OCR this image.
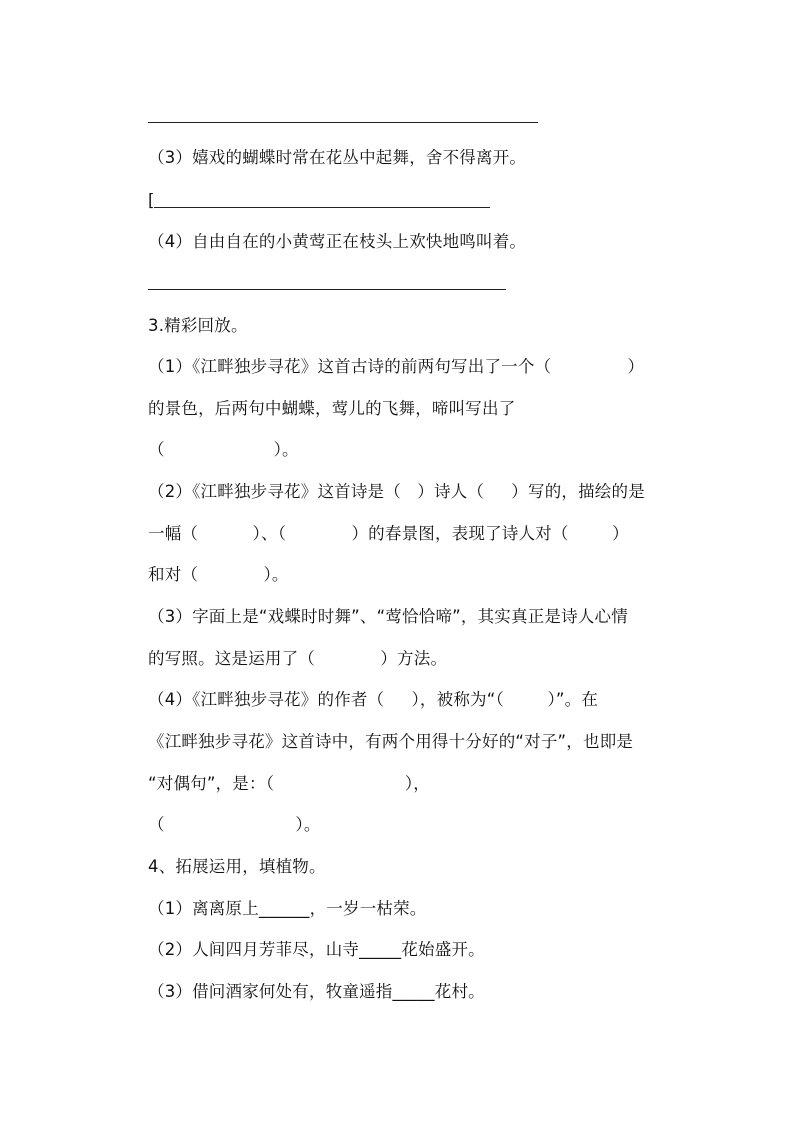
（3）嬉戏的蝴蝶时常在花丛中起舞，舍不得离开。
[
（4）自由自在的小黄莺正在枝头上欢快地鸣叫着。
3.精彩回放。
（1）《江畔独步寻花》这首古诗的前两句写出了一个（              ）
的景色，后两句中蝴蝶，莺儿的飞舞，啼叫写出了
（                    ）。
（2）《江畔独步寻花》这首诗是（   ）诗人（     ）写的，描绘的是
一幅（          ）、（            ）的春景图，表现了诗人对（        ）
和对（            ）。
（3）字面上是“戏蝶时时舞”、“莺恰恰啼”，其实真正是诗人心情
的写照。这是运用了（            ）方法。
（4）《江畔独步寻花》的作者（     ），被称为“（        ）”。在
《江畔独步寻花》这首诗中，有两个用得十分好的“对子”，也即是
“对偶句”，是：（                        ），
（                        ）。
4、拓展运用，填植物。
（1）离离原上______，一岁一枯荣。
（2）人间四月芳菲尽，山寺_____花始盛开。
（3）借问酒家何处有，牧童遥指_____花村。
